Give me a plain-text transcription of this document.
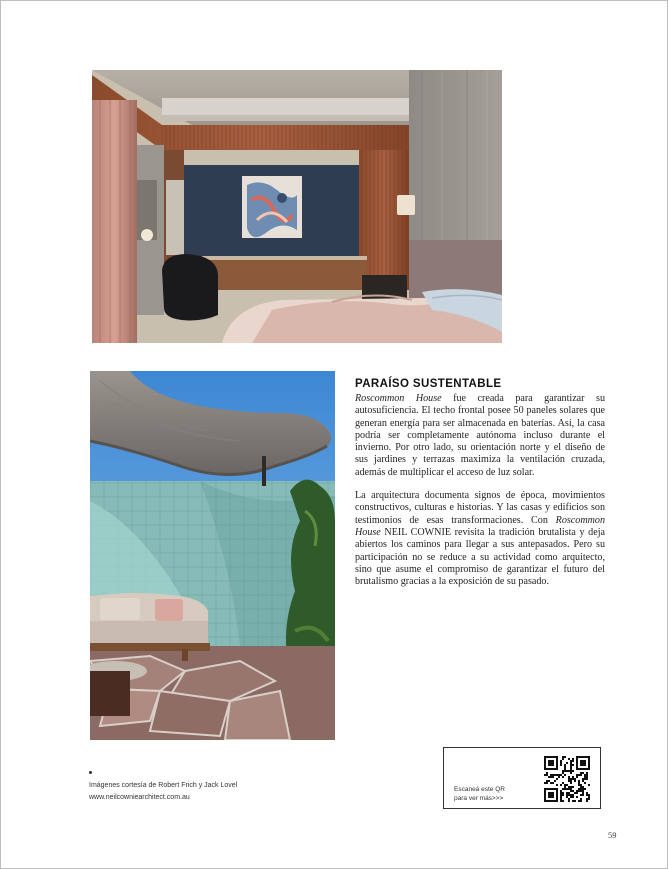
PARAÍSO SUSTENTABLE

Roscommon House fue creada para garantizar su autosuficiencia. El techo frontal posee 50 paneles solares que generan energía para ser almacenada en baterías. Así, la casa podría ser completamente autónoma incluso durante el invierno. Por otro lado, su orientación norte y el diseño de sus jardines y terrazas maximiza la ventilación cruzada, además de multiplicar el acceso de luz solar.

La arquitectura documenta signos de época, movimientos constructivos, culturas e historias. Y las casas y edificios son testimonios de esas transformaciones. Con Roscommon House NEIL COWNIE revisita la tradición brutalista y deja abiertos los caminos para llegar a sus antepasados. Pero su participación no se reduce a su actividad como arquitecto, sino que asume el compromiso de garantizar el futuro del brutalismo gracias a la exposición de su pasado.

Imágenes cortesía de Robert Frich y Jack Lovel
www.neilcowniearchitect.com.au
Escaneá este QR
para ver más>>>
59
